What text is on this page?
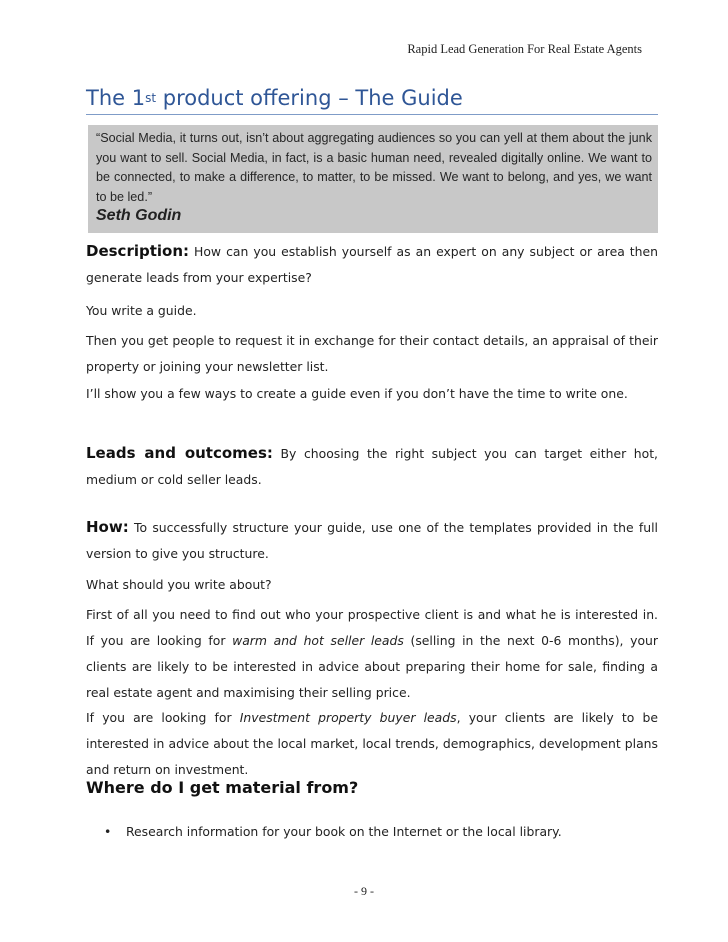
Rapid Lead Generation For Real Estate Agents
The 1st product offering – The Guide
“Social Media, it turns out, isn’t about aggregating audiences so you can yell at them about the junk you want to sell. Social Media, in fact, is a basic human need, revealed digitally online. We want to be connected, to make a difference, to matter, to be missed. We want to belong, and yes, we want to be led.”
Seth Godin

Description: How can you establish yourself as an expert on any subject or area then generate leads from your expertise?

You write a guide.

Then you get people to request it in exchange for their contact details, an appraisal of their property or joining your newsletter list.

I’ll show you a few ways to create a guide even if you don’t have the time to write one.

Leads and outcomes: By choosing the right subject you can target either hot, medium or cold seller leads.

How: To successfully structure your guide, use one of the templates provided in the full version to give you structure.

What should you write about?

First of all you need to find out who your prospective client is and what he is interested in. If you are looking for warm and hot seller leads (selling in the next 0-6 months), your clients are likely to be interested in advice about preparing their home for sale, finding a real estate agent and maximising their selling price.

If you are looking for Investment property buyer leads, your clients are likely to be interested in advice about the local market, local trends, demographics, development plans and return on investment.

Where do I get material from?
• Research information for your book on the Internet or the local library.
- 9 -
